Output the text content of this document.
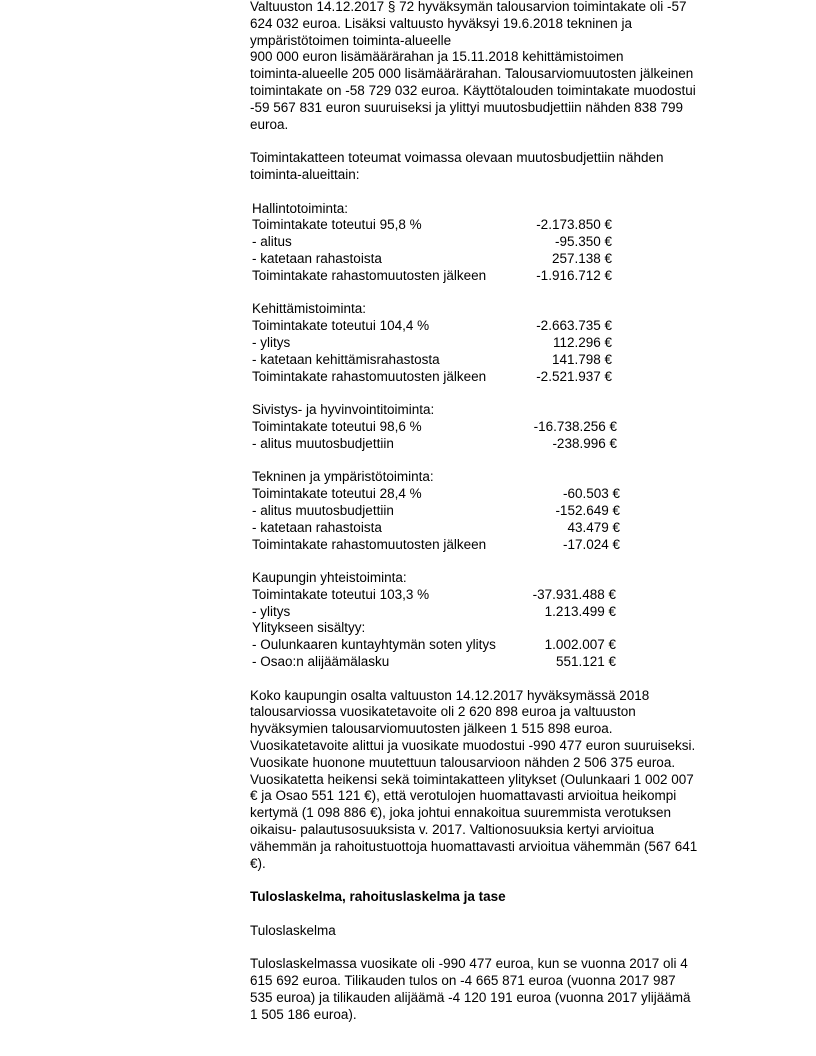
Valtuuston 14.12.2017 § 72 hyväksymän talousarvion toimintakate oli -57
624 032 euroa. Lisäksi valtuusto hyväksyi 19.6.2018 tekninen ja
ympäristötoimen toiminta-alueelle
900 000 euron lisämäärärahan ja 15.11.2018 kehittämistoimen
toiminta-alueelle 205 000 lisämäärärahan. Talousarviomuutosten jälkeinen
toimintakate on -58 729 032 euroa. Käyttötalouden toimintakate muodostui
-59 567 831 euron suuruiseksi ja ylittyi muutosbudjettiin nähden 838 799
euroa.

Toimintakatteen toteumat voimassa olevaan muutosbudjettiin nähden
toiminta-alueittain:

Hallintotoiminta:
Toimintakate toteutui 95,8 %	-2.173.850 €
- alitus	-95.350 €
- katetaan rahastoista	257.138 €
Toimintakate rahastomuutosten jälkeen	-1.916.712 €
Kehittämistoiminta:
Toimintakate toteutui 104,4 %	-2.663.735 €
- ylitys	112.296 €
- katetaan kehittämisrahastosta	141.798 €
Toimintakate rahastomuutosten jälkeen	-2.521.937 €
Sivistys- ja hyvinvointitoiminta:
Toimintakate toteutui 98,6 %	-16.738.256 €
- alitus muutosbudjettiin	-238.996 €
Tekninen ja ympäristötoiminta:
Toimintakate toteutui 28,4 %	-60.503 €
- alitus muutosbudjettiin	-152.649 €
- katetaan rahastoista	43.479 €
Toimintakate rahastomuutosten jälkeen	-17.024 €
Kaupungin yhteistoiminta:
Toimintakate toteutui 103,3 %	-37.931.488 €
- ylitys	1.213.499 €
Ylitykseen sisältyy:
- Oulunkaaren kuntayhtymän soten ylitys	1.002.007 €
- Osao:n alijäämälasku	551.121 €

Koko kaupungin osalta valtuuston 14.12.2017 hyväksymässä 2018
talousarviossa vuosikatetavoite oli 2 620 898 euroa ja valtuuston
hyväksymien talousarviomuutosten jälkeen 1 515 898 euroa.
Vuosikatetavoite alittui ja vuosikate muodostui -990 477 euron suuruiseksi.
Vuosikate huonone muutettuun talousarvioon nähden 2 506 375 euroa.
Vuosikatetta heikensi sekä toimintakatteen ylitykset (Oulunkaari 1 002 007
€ ja Osao 551 121 €), että verotulojen huomattavasti arvioitua heikompi
kertymä (1 098 886 €), joka johtui ennakoitua suuremmista verotuksen
oikaisu- palautusosuuksista v. 2017. Valtionosuuksia kertyi arvioitua
vähemmän ja rahoitustuottoja huomattavasti arvioitua vähemmän (567 641
€).

Tuloslaskelma, rahoituslaskelma ja tase
Tuloslaskelma

Tuloslaskelmassa vuosikate oli -990 477 euroa, kun se vuonna 2017 oli 4
615 692 euroa. Tilikauden tulos on -4 665 871 euroa (vuonna 2017 987
535 euroa) ja tilikauden alijäämä -4 120 191 euroa (vuonna 2017 ylijäämä
1 505 186 euroa).
